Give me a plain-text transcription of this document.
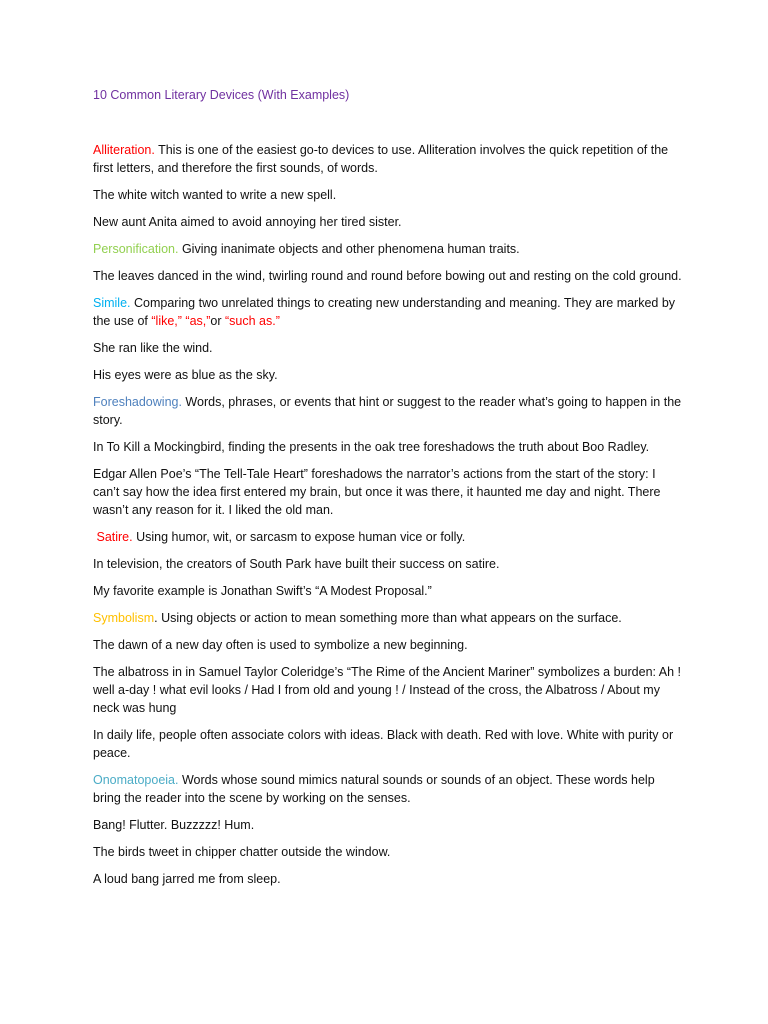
10 Common Literary Devices (With Examples)

Alliteration. This is one of the easiest go-to devices to use. Alliteration involves the quick repetition of the first letters, and therefore the first sounds, of words.

The white witch wanted to write a new spell.

New aunt Anita aimed to avoid annoying her tired sister.

Personification. Giving inanimate objects and other phenomena human traits.

The leaves danced in the wind, twirling round and round before bowing out and resting on the cold ground.

Simile. Comparing two unrelated things to creating new understanding and meaning. They are marked by the use of “like,” “as,”or “such as.”

She ran like the wind.

His eyes were as blue as the sky.

Foreshadowing. Words, phrases, or events that hint or suggest to the reader what’s going to happen in the story.

In To Kill a Mockingbird, finding the presents in the oak tree foreshadows the truth about Boo Radley.

Edgar Allen Poe’s “The Tell-Tale Heart” foreshadows the narrator’s actions from the start of the story: I can’t say how the idea first entered my brain, but once it was there, it haunted me day and night. There wasn’t any reason for it. I liked the old man.

Satire. Using humor, wit, or sarcasm to expose human vice or folly.

In television, the creators of South Park have built their success on satire.

My favorite example is Jonathan Swift’s “A Modest Proposal.”

Symbolism. Using objects or action to mean something more than what appears on the surface.

The dawn of a new day often is used to symbolize a new beginning.

The albatross in in Samuel Taylor Coleridge’s “The Rime of the Ancient Mariner” symbolizes a burden: Ah ! well a-day ! what evil looks / Had I from old and young ! / Instead of the cross, the Albatross / About my neck was hung

In daily life, people often associate colors with ideas. Black with death. Red with love. White with purity or peace.

Onomatopoeia. Words whose sound mimics natural sounds or sounds of an object. These words help bring the reader into the scene by working on the senses.

Bang! Flutter. Buzzzzz! Hum.

The birds tweet in chipper chatter outside the window.

A loud bang jarred me from sleep.
